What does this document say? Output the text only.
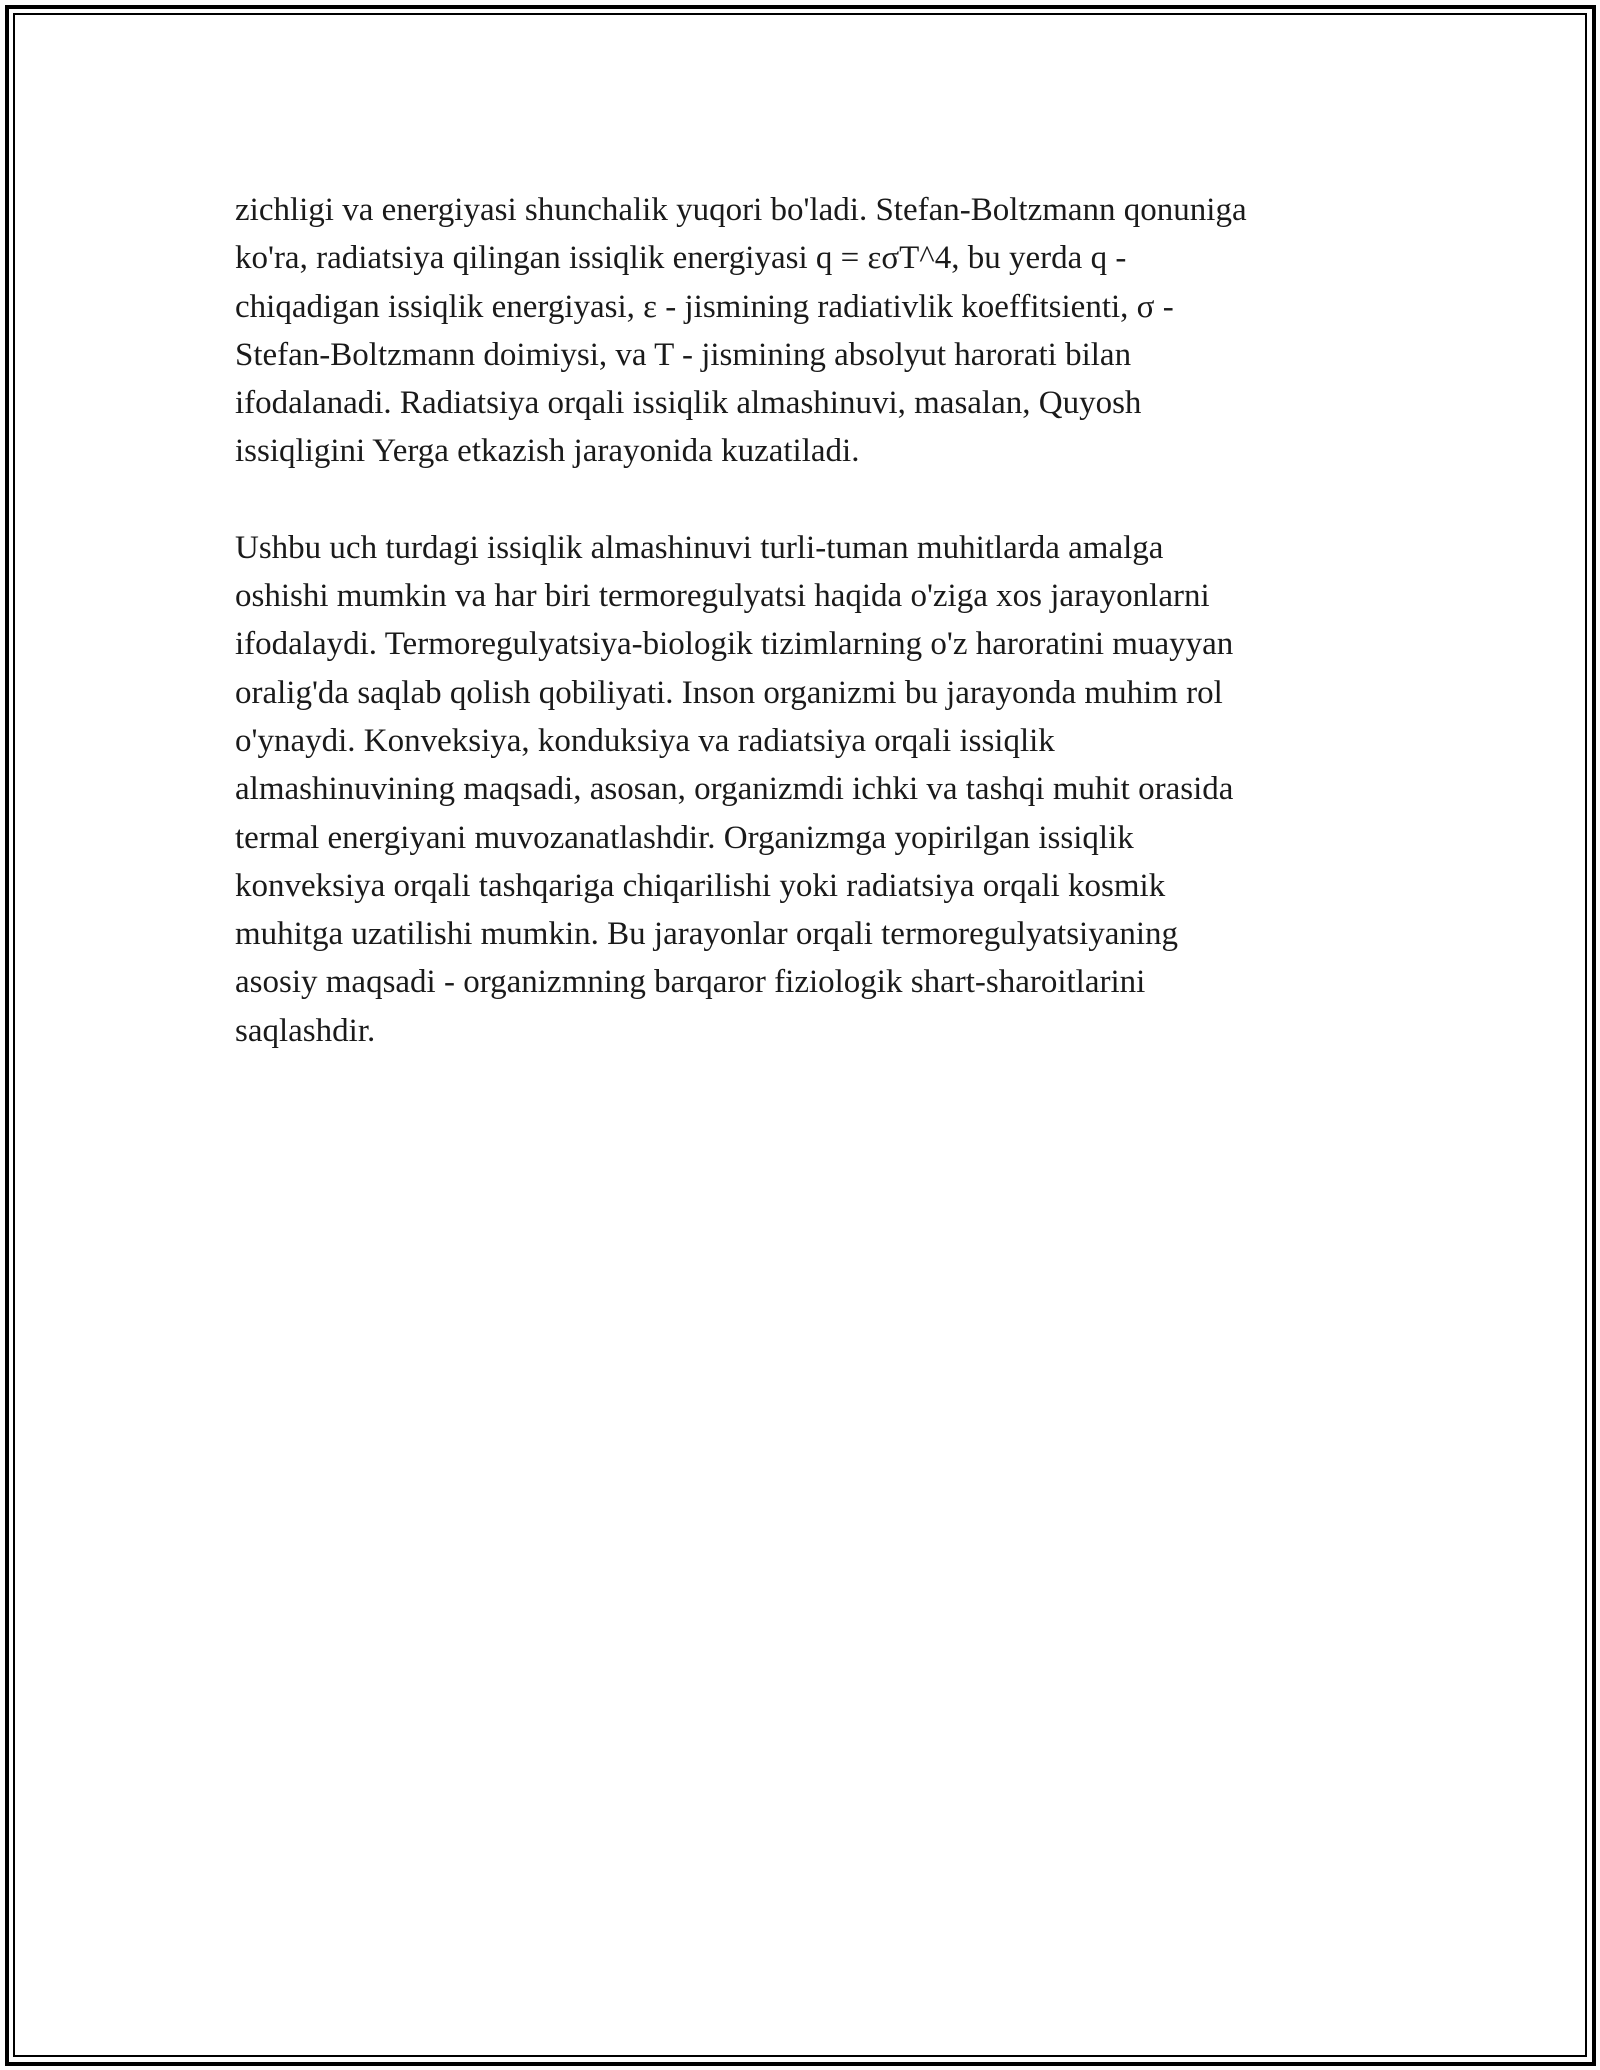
zichligi va energiyasi shunchalik yuqori bo'ladi. Stefan-Boltzmann qonuniga
ko'ra, radiatsiya qilingan issiqlik energiyasi q = εσT^4, bu yerda q -
chiqadigan issiqlik energiyasi, ε - jismining radiativlik koeffitsienti, σ -
Stefan-Boltzmann doimiysi, va T - jismining absolyut harorati bilan
ifodalanadi. Radiatsiya orqali issiqlik almashinuvi, masalan, Quyosh
issiqligini Yerga etkazish jarayonida kuzatiladi.
Ushbu uch turdagi issiqlik almashinuvi turli-tuman muhitlarda amalga
oshishi mumkin va har biri termoregulyatsi haqida o'ziga xos jarayonlarni
ifodalaydi. Termoregulyatsiya-biologik tizimlarning o'z haroratini muayyan
oralig'da saqlab qolish qobiliyati. Inson organizmi bu jarayonda muhim rol
o'ynaydi. Konveksiya, konduksiya va radiatsiya orqali issiqlik
almashinuvining maqsadi, asosan, organizmdi ichki va tashqi muhit orasida
termal energiyani muvozanatlashdir. Organizmga yopirilgan issiqlik
konveksiya orqali tashqariga chiqarilishi yoki radiatsiya orqali kosmik
muhitga uzatilishi mumkin. Bu jarayonlar orqali termoregulyatsiyaning
asosiy maqsadi - organizmning barqaror fiziologik shart-sharoitlarini
saqlashdir.
